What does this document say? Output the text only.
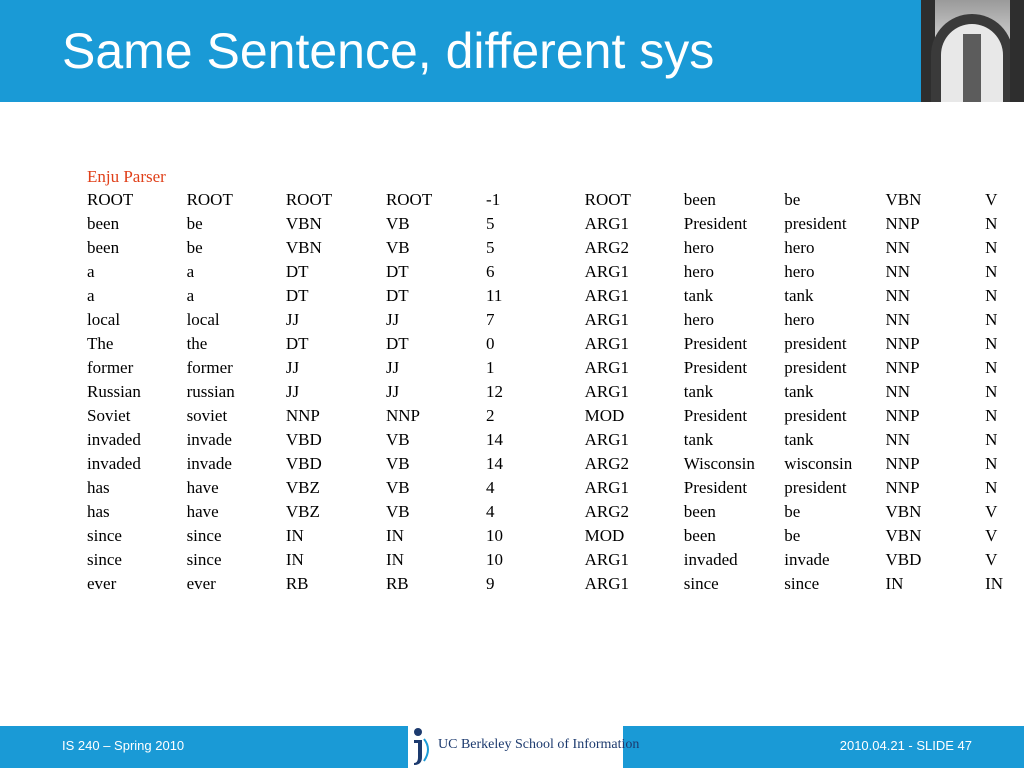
Same Sentence, different sys
Enju Parser
ROOT	ROOT	ROOT	ROOT	-1	ROOT	been	be	VBN	V
been	be	VBN	VB	5	ARG1	President	president	NNP	N
been	be	VBN	VB	5	ARG2	hero	hero	NN	N
a	a	DT	DT	6	ARG1	hero	hero	NN	N
a	a	DT	DT	11	ARG1	tank	tank	NN	N
local	local	JJ	JJ	7	ARG1	hero	hero	NN	N
The	the	DT	DT	0	ARG1	President	president	NNP	N
former	former	JJ	JJ	1	ARG1	President	president	NNP	N
Russian	russian	JJ	JJ	12	ARG1	tank	tank	NN	N
Soviet	soviet	NNP	NNP	2	MOD	President	president	NNP	N
invaded	invade	VBD	VB	14	ARG1	tank	tank	NN	N
invaded	invade	VBD	VB	14	ARG2	Wisconsin	wisconsin	NNP	N
has	have	VBZ	VB	4	ARG1	President	president	NNP	N
has	have	VBZ	VB	4	ARG2	been	be	VBN	V
since	since	IN	IN	10	MOD	been	be	VBN	V
since	since	IN	IN	10	ARG1	invaded	invade	VBD	V
ever	ever	RB	RB	9	ARG1	since	since	IN	IN
IS 240 – Spring 2010	2010.04.21 - SLIDE 47
UC Berkeley School of Information
